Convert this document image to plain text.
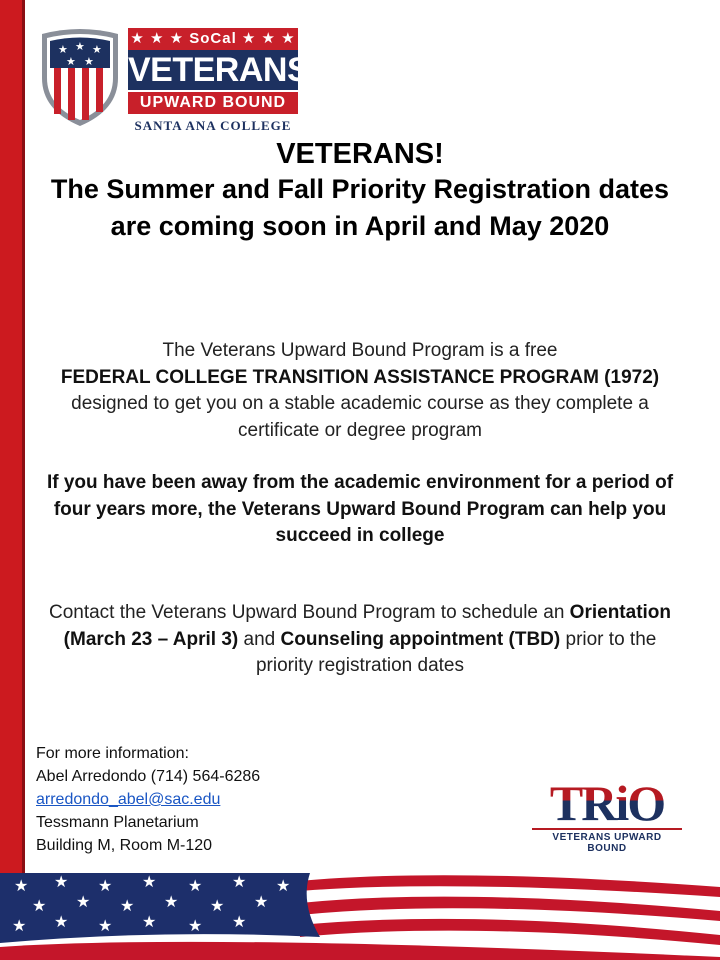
★ ★ ★
★ ★
★ ★ ★ SoCal ★ ★ ★
VETERANS
UPWARD BOUND
SANTA ANA COLLEGE
VETERANS!
The Summer and Fall Priority Registration dates are coming soon in April and May 2020
The Veterans Upward Bound Program is a free
FEDERAL COLLEGE TRANSITION ASSISTANCE PROGRAM (1972)
designed to get you on a stable academic course as they complete a certificate or degree program
If you have been away from the academic environment for a period of four years more, the Veterans Upward Bound Program can help you succeed in college
Contact the Veterans Upward Bound Program to schedule an Orientation (March 23 – April 3) and Counseling appointment (TBD) prior to the priority registration dates
For more information:
Abel Arredondo (714) 564-6286
arredondo_abel@sac.edu
Tessmann Planetarium
Building M, Room M-120
TRiO
VETERANS UPWARD BOUND
★ ★ ★ ★ ★ ★ ★
★ ★ ★ ★ ★ ★
★ ★ ★ ★ ★ ★
